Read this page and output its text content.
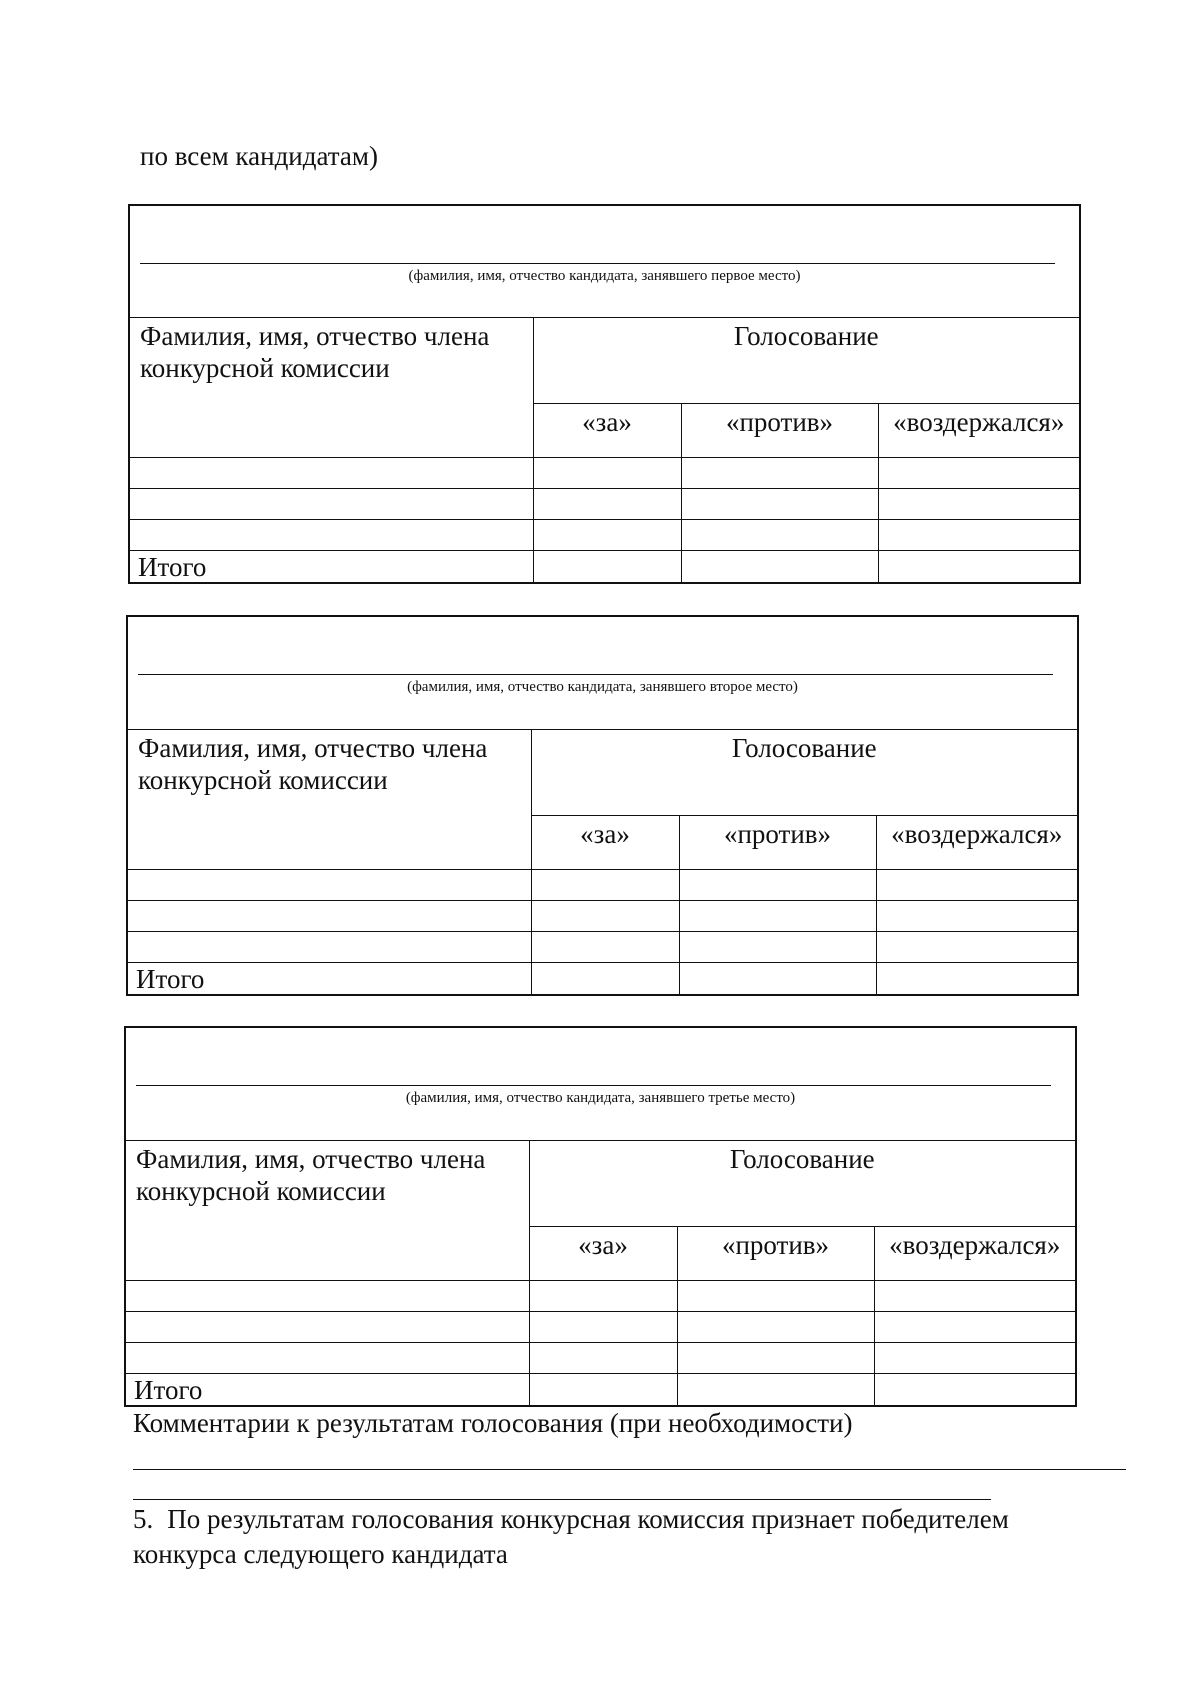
по всем кандидатам)
(фамилия, имя, отчество кандидата, занявшего первое место)			

Фамилия, имя, отчество члена конкурсной комиссии	Голосование		
	«за»	«против»	«воздержался»

Итого			
(фамилия, имя, отчество кандидата, занявшего второе место)			

Фамилия, имя, отчество члена конкурсной комиссии	Голосование		
	«за»	«против»	«воздержался»

Итого			
(фамилия, имя, отчество кандидата, занявшего третье место)			

Фамилия, имя, отчество члена конкурсной комиссии	Голосование		
	«за»	«против»	«воздержался»

Итого			
Комментарии к результатам голосования (при необходимости)
5. По результатам голосования конкурсная комиссия признает победителем конкурса следующего кандидата
